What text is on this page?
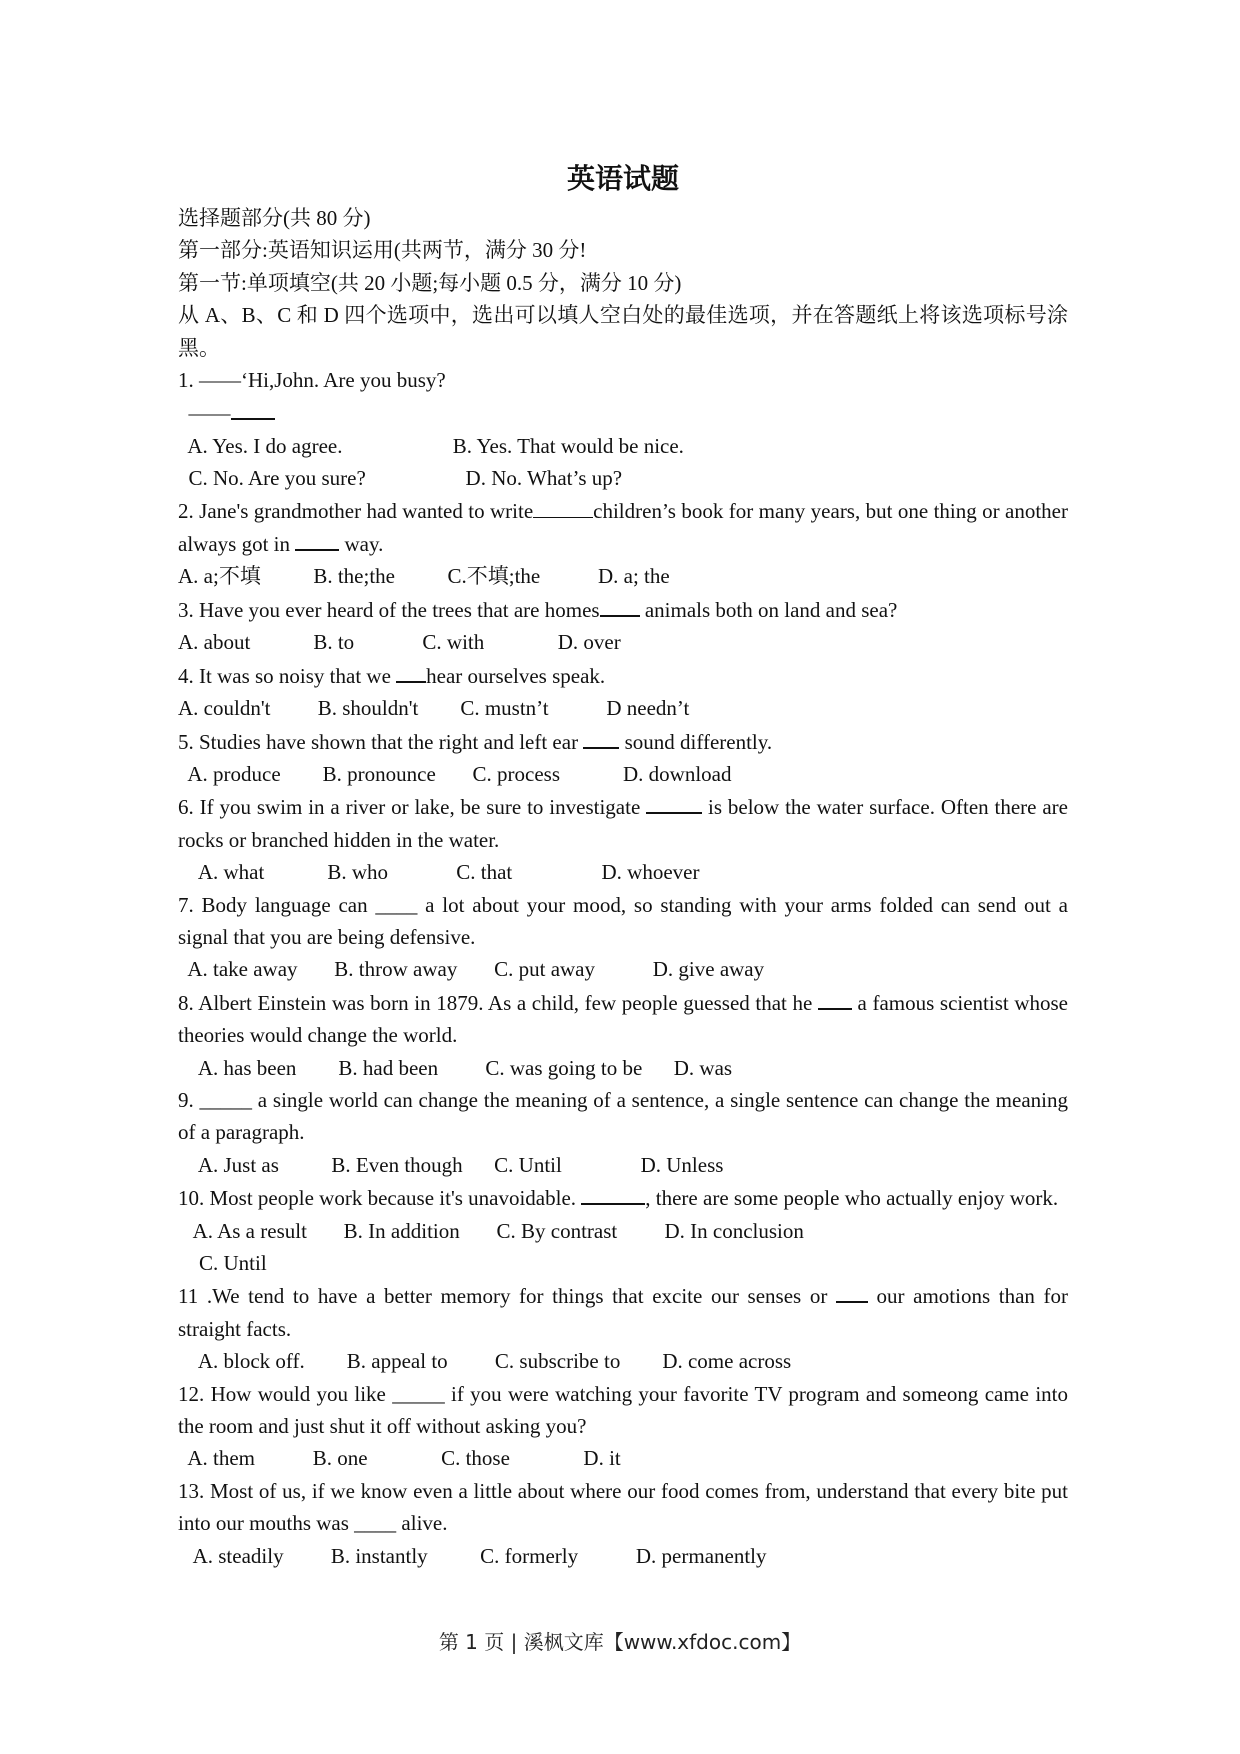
英语试题

选择题部分(共 80 分)

第一部分:英语知识运用(共两节，满分 30 分!

第一节:单项填空(共 20 小题;每小题 0.5 分，满分 10 分)

从 A、B、C 和 D 四个选项中，选出可以填人空白处的最佳选项，并在答题纸上将该选项标号涂黑。

1. ——‘Hi,John. Are you busy?

——

A. Yes. I do agree.                     B. Yes. That would be nice.

C. No. Are you sure?                   D. No. What’s up?

2. Jane's grandmother had wanted to write	children’s book for many years, but one thing or another always got in  way.

A. a;不填          B. the;the          C.不填;the           D. a; the

3. Have you ever heard of the trees that are homes animals both on land and sea?

A. about            B. to             C. with              D. over

4. It was so noisy that we hear ourselves speak.

A. couldn't         B. shouldn't        C. mustn’t           D needn’t

5. Studies have shown that the right and left ear  sound differently.

A. produce        B. pronounce       C. process            D. download

6. If you swim in a river or lake, be sure to investigate	is below the water surface. Often there are rocks or branched hidden in the water.

A. what            B. who             C. that                 D. whoever

7. Body language can ____ a lot about your mood, so standing with your arms folded can send out a signal that you are being defensive.

A. take away       B. throw away       C. put away           D. give away

8. Albert Einstein was born in 1879. As a child, few people guessed that he  a famous scientist whose theories would change the world.

A. has been        B. had been         C. was going to be      D. was

9. _____ a single world can change the meaning of a sentence, a single sentence can change the meaning of a paragraph.

A. Just as          B. Even though      C. Until               D. Unless

10. Most people work because it's unavoidable.	, there are some people who actually enjoy work.

A. As a result       B. In addition       C. By contrast         D. In conclusion

C. Until

11 .We tend to have a better memory for things that excite our senses or  our amotions than for straight facts.

A. block off.        B. appeal to         C. subscribe to        D. come across

12. How would you like _____ if you were watching your favorite TV program and someong came into the room and just shut it off without asking you?

A. them           B. one              C. those              D. it

13. Most of us, if we know even a little about where our food comes from, understand that every bite put into our mouths was ____ alive.

A. steadily         B. instantly          C. formerly           D. permanently

第 1 页 | 溪枫文库【www.xfdoc.com】
